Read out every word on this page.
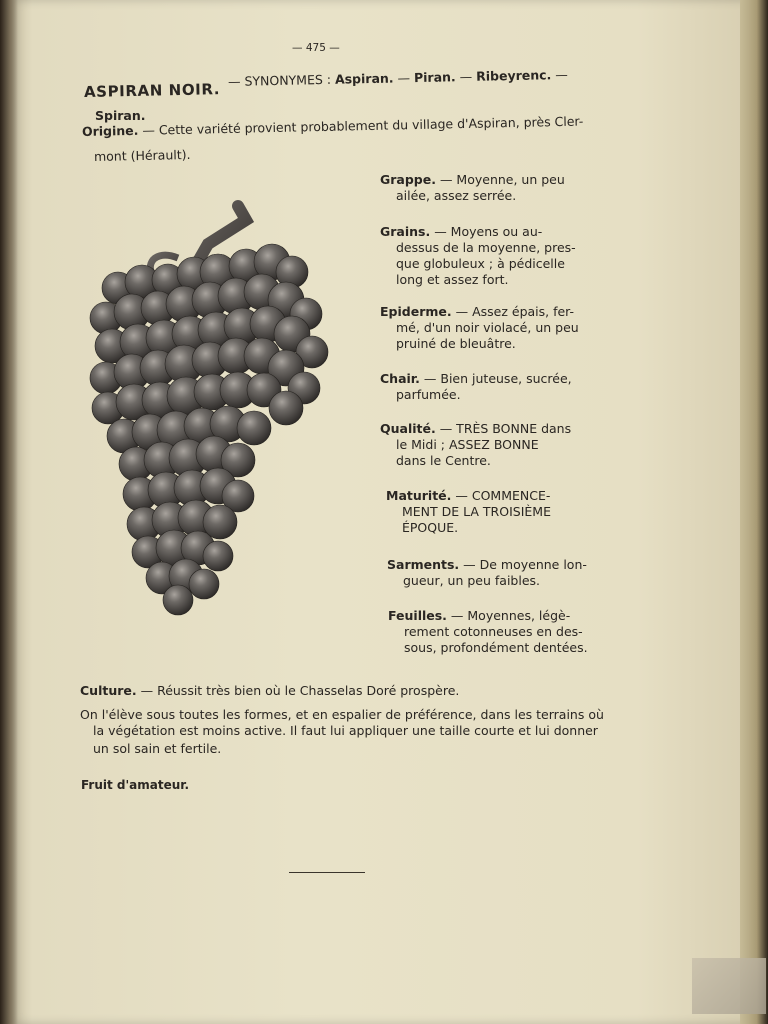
— 475 —
ASPIRAN NOIR. — SYNONYMES : Aspiran. — Piran. — Ribeyrenc. —
Spiran.
Origine. — Cette variété provient probablement du village d'Aspiran, près Cler-
mont (Hérault).
Grappe. — Moyenne, un peu
ailée, assez serrée.
Grains. — Moyens ou au-
dessus de la moyenne, pres-
que globuleux ; à pédicelle
long et assez fort.
Epiderme. — Assez épais, fer-
mé, d'un noir violacé, un peu
pruiné de bleuâtre.
Chair. — Bien juteuse, sucrée,
parfumée.
Qualité. — TRÈS BONNE dans
le Midi ; ASSEZ BONNE
dans le Centre.
Maturité. — COMMENCE-
MENT DE LA TROISIÈME
ÉPOQUE.
Sarments. — De moyenne lon-
gueur, un peu faibles.
Feuilles. — Moyennes, légè-
rement cotonneuses en des-
sous, profondément dentées.
Culture. — Réussit très bien où le Chasselas Doré prospère.
On l'élève sous toutes les formes, et en espalier de préférence, dans les terrains où
la végétation est moins active. Il faut lui appliquer une taille courte et lui donner
un sol sain et fertile.
Fruit d'amateur.
